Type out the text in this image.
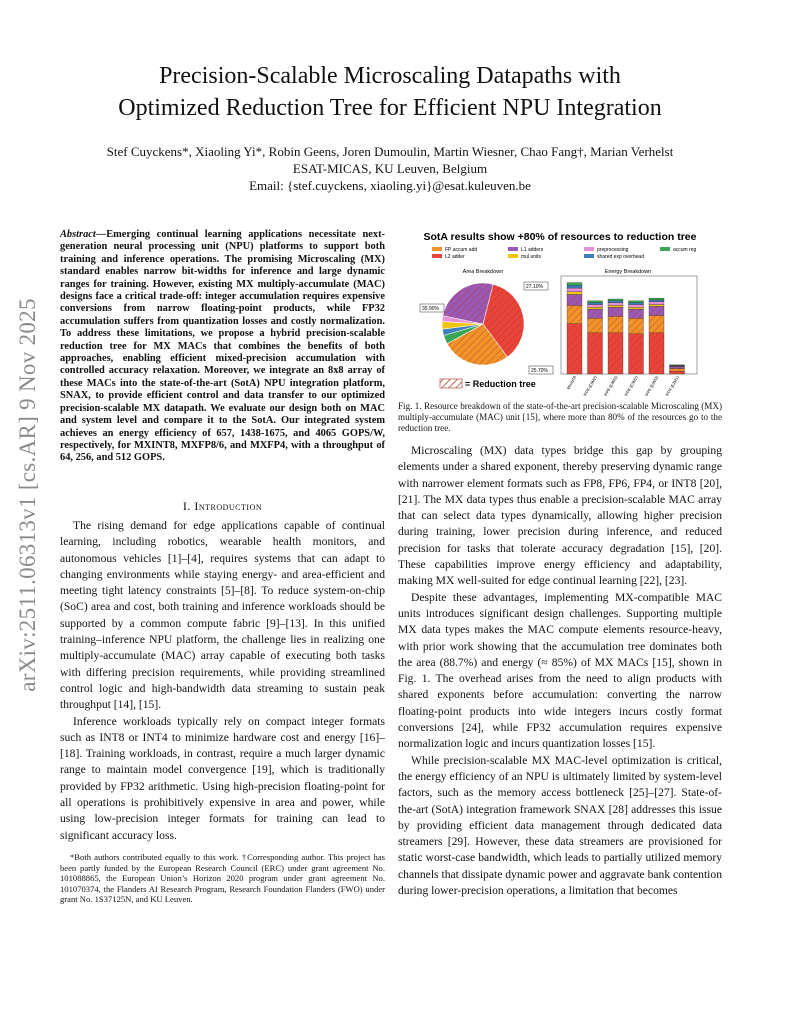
arXiv:2511.06313v1 [cs.AR] 9 Nov 2025
Precision-Scalable Microscaling Datapaths with
Optimized Reduction Tree for Efficient NPU Integration
Stef Cuyckens*, Xiaoling Yi*, Robin Geens, Joren Dumoulin, Martin Wiesner, Chao Fang†, Marian Verhelst
ESAT-MICAS, KU Leuven, Belgium
Email: {stef.cuyckens, xiaoling.yi}@esat.kuleuven.be
Abstract—Emerging continual learning applications necessitate next-generation neural processing unit (NPU) platforms to support both training and inference operations. The promising Microscaling (MX) standard enables narrow bit-widths for inference and large dynamic ranges for training. However, existing MX multiply-accumulate (MAC) designs face a critical trade-off: integer accumulation requires expensive conversions from narrow floating-point products, while FP32 accumulation suffers from quantization losses and costly normalization. To address these limitations, we propose a hybrid precision-scalable reduction tree for MX MACs that combines the benefits of both approaches, enabling efficient mixed-precision accumulation with controlled accuracy relaxation. Moreover, we integrate an 8x8 array of these MACs into the state-of-the-art (SotA) NPU integration platform, SNAX, to provide efficient control and data transfer to our optimized precision-scalable MX datapath. We evaluate our design both on MAC and system level and compare it to the SotA. Our integrated system achieves an energy efficiency of 657, 1438-1675, and 4065 GOPS/W, respectively, for MXINT8, MXFP8/6, and MXFP4, with a throughput of 64, 256, and 512 GOPS.
I. Introduction

The rising demand for edge applications capable of continual learning, including robotics, wearable health monitors, and autonomous vehicles [1]–[4], requires systems that can adapt to changing environments while staying energy- and area-efficient and meeting tight latency constraints [5]–[8]. To reduce system-on-chip (SoC) area and cost, both training and inference workloads should be supported by a common compute fabric [9]–[13]. In this unified training–inference NPU platform, the challenge lies in realizing one multiply-accumulate (MAC) array capable of executing both tasks with differing precision requirements, while providing streamlined control logic and high-bandwidth data streaming to sustain peak throughput [14], [15].

Inference workloads typically rely on compact integer formats such as INT8 or INT4 to minimize hardware cost and energy [16]–[18]. Training workloads, in contrast, require a much larger dynamic range to maintain model convergence [19], which is traditionally provided by FP32 arithmetic. Using high-precision floating-point for all operations is prohibitively expensive in area and power, while using low-precision integer formats for training can lead to significant accuracy loss.

*Both authors contributed equally to this work. †Corresponding author. This project has been partly funded by the European Research Council (ERC) under grant agreement No. 101088865, the European Union’s Horizon 2020 program under grant agreement No. 101070374, the Flanders AI Research Program, Research Foundation Flanders (FWO) under grant No. 1S37125N, and KU Leuven.

SotA results show +80% of resources to reduction tree
FP accum add
L2 adder
L1 adders
mul units
preprocessing
shared exp overhead
accum reg
Area Breakdown	Energy Breakdown
27.10%
35.90%
25.70%
MXINT8 MXFP8 (E5M2) MXFP8 (E4M3) MXFP6 (E3M2) MXFP6 (E2M3) MXFP4 (E2M1)
= Reduction tree
Fig. 1. Resource breakdown of the state-of-the-art precision-scalable Microscaling (MX) multiply-accumulate (MAC) unit [15], where more than 80% of the resources go to the reduction tree.

Microscaling (MX) data types bridge this gap by grouping elements under a shared exponent, thereby preserving dynamic range with narrower element formats such as FP8, FP6, FP4, or INT8 [20], [21]. The MX data types thus enable a precision-scalable MAC array that can select data types dynamically, allowing higher precision during training, lower precision during inference, and reduced precision for tasks that tolerate accuracy degradation [15], [20]. These capabilities improve energy efficiency and adaptability, making MX well-suited for edge continual learning [22], [23].

Despite these advantages, implementing MX-compatible MAC units introduces significant design challenges. Supporting multiple MX data types makes the MAC compute elements resource-heavy, with prior work showing that the accumulation tree dominates both the area (88.7%) and energy (≈ 85%) of MX MACs [15], shown in Fig. 1. The overhead arises from the need to align products with shared exponents before accumulation: converting the narrow floating-point products into wide integers incurs costly format conversions [24], while FP32 accumulation requires expensive normalization logic and incurs quantization losses [15].

While precision-scalable MX MAC-level optimization is critical, the energy efficiency of an NPU is ultimately limited by system-level factors, such as the memory access bottleneck [25]–[27]. State-of-the-art (SotA) integration framework SNAX [28] addresses this issue by providing efficient data management through dedicated data streamers [29]. However, these data streamers are provisioned for static worst-case bandwidth, which leads to partially utilized memory channels that dissipate dynamic power and aggravate bank contention during lower-precision operations, a limitation that becomes
